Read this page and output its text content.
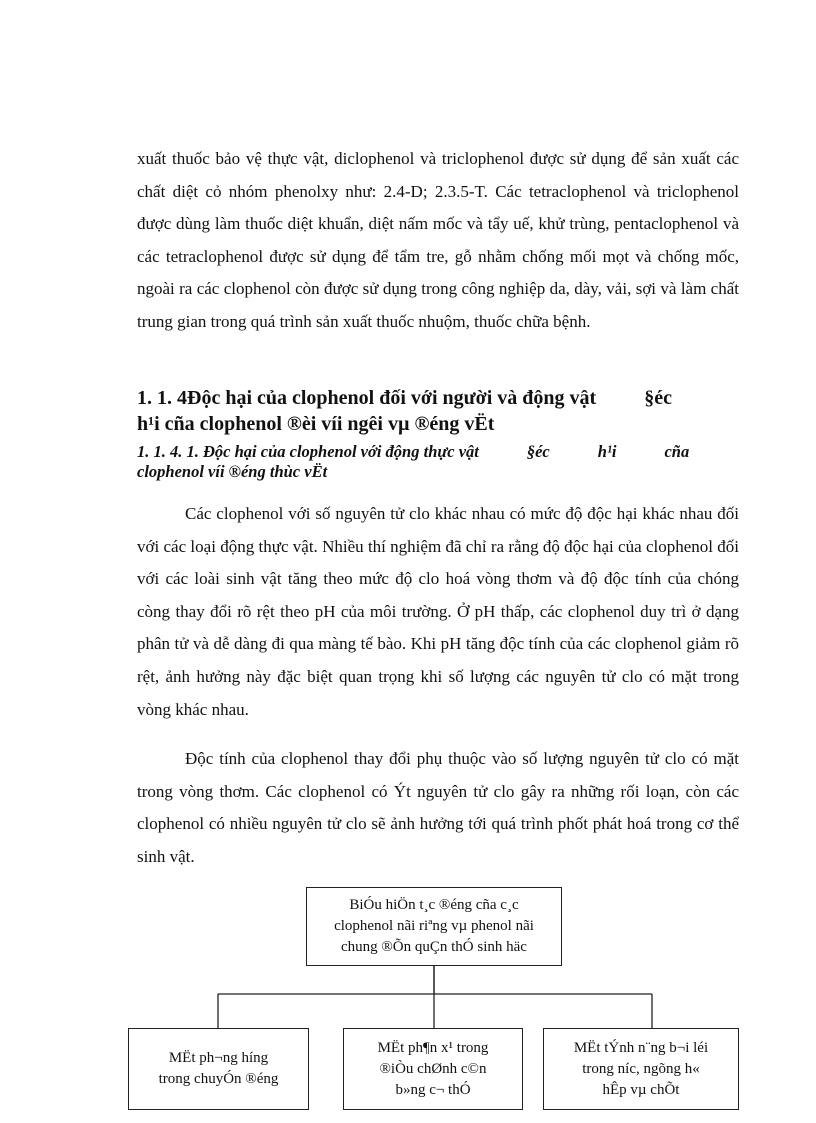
xuất thuốc bảo vệ thực vật, diclophenol và triclophenol được sử dụng để sản xuất các chất diệt cỏ nhóm phenolxy như: 2.4-D; 2.3.5-T. Các tetraclophenol và triclophenol được dùng làm thuốc diệt khuẩn, diệt nấm mốc và tẩy uế, khử trùng, pentaclophenol và các tetraclophenol được sử dụng để tẩm tre, gỗ nhằm chống mối mọt và chống mốc, ngoài ra các clophenol còn được sử dụng trong công nghiệp da, dày, vải, sợi và làm chất trung gian trong quá trình sản xuất thuốc nhuộm, thuốc chữa bệnh.

1. 1. 4Độc hại của clophenol đối với người và động vật §éc
h¹i cña clophenol ®èi víi ngêi vµ ®éng vËt
1. 1. 4. 1. Độc hại của clophenol với động thực vật	§éc	h¹i	cña
clophenol víi ®éng thùc vËt

Các clophenol với số nguyên tử clo khác nhau có mức độ độc hại khác nhau đối với các loại động thực vật. Nhiều thí nghiệm đã chỉ ra rằng độ độc hại của clophenol đối với các loài sinh vật tăng theo mức độ clo hoá vòng thơm và độ độc tính của chóng còng thay đổi rõ rệt theo pH của môi trường. Ở pH thấp, các clophenol duy trì ở dạng phân tử và dễ dàng đi qua màng tế bào. Khi pH tăng độc tính của các clophenol giảm rõ rệt, ảnh hưởng này đặc biệt quan trọng khi số lượng các nguyên tử clo có mặt trong vòng khác nhau.

Độc tính của clophenol thay đổi phụ thuộc vào số lượng nguyên tử clo có mặt trong vòng thơm. Các clophenol có Ýt nguyên tử clo gây ra những rối loạn, còn các clophenol có nhiều nguyên tử clo sẽ ảnh hưởng tới quá trình phốt phát hoá trong cơ thể sinh vật.

BiÓu hiÖn t¸c ®éng cña c¸c
clophenol nãi riªng vµ phenol nãi
chung ®Õn quÇn thÓ sinh häc
MËt ph¬ng híng
trong chuyÓn ®éng
MËt ph¶n x¹ trong
®iÒu chØnh c©n
b»ng c¬ thÓ
MËt tÝnh n¨ng b¬i léi
trong níc, ngõng h«
hÊp vµ chÕt
